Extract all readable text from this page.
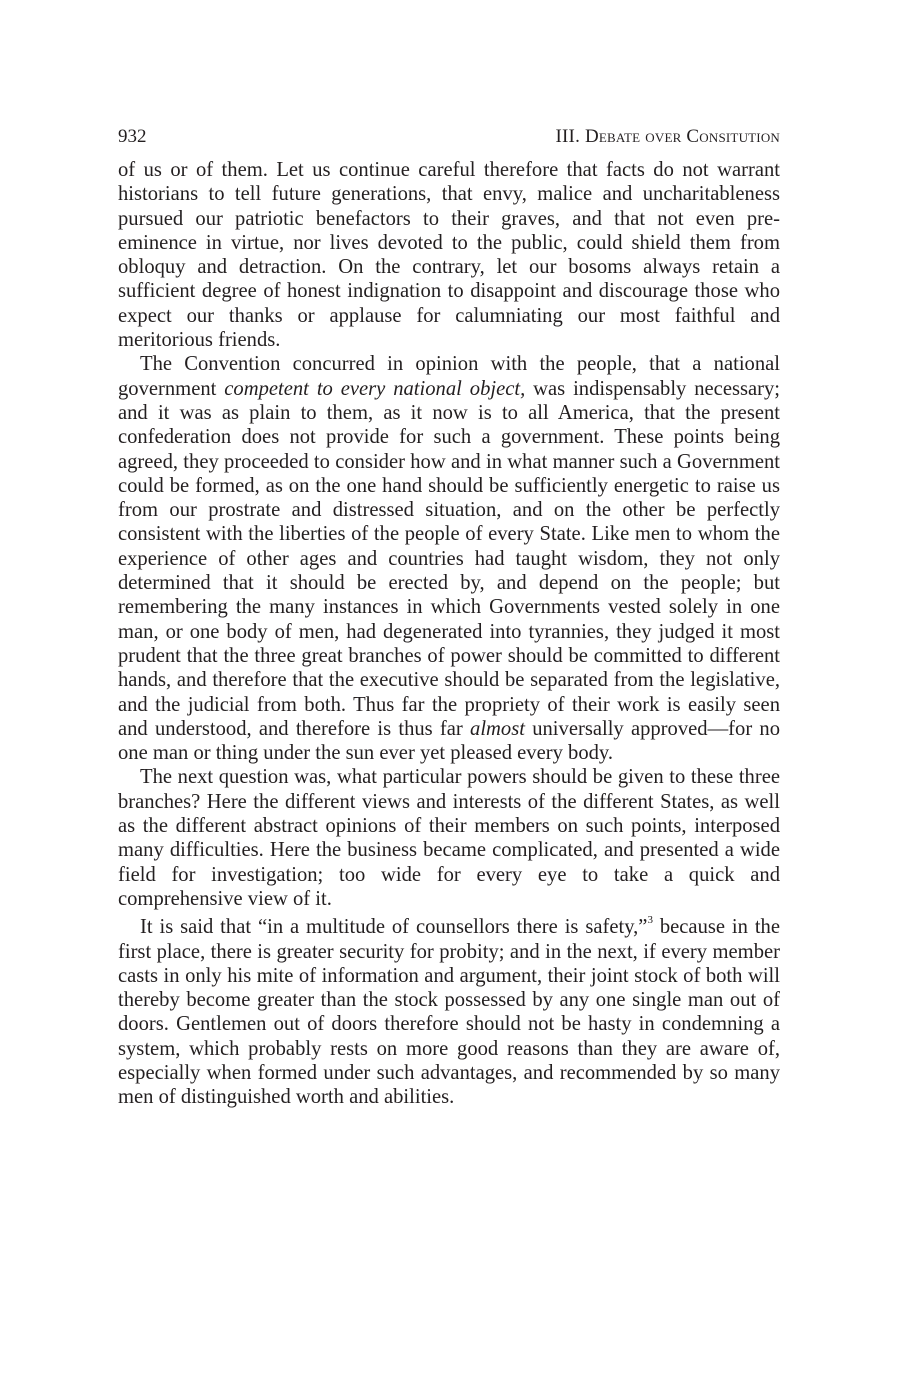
932	III. Debate over Consitution

of us or of them. Let us continue careful therefore that facts do not warrant historians to tell future generations, that envy, malice and uncharitableness pursued our patriotic benefactors to their graves, and that not even pre-eminence in virtue, nor lives devoted to the public, could shield them from obloquy and detraction. On the contrary, let our bosoms always retain a sufficient degree of honest indignation to disappoint and discourage those who expect our thanks or applause for calumniating our most faithful and meritorious friends.

The Convention concurred in opinion with the people, that a national government competent to every national object, was indispensably necessary; and it was as plain to them, as it now is to all America, that the present confederation does not provide for such a government. These points being agreed, they proceeded to consider how and in what manner such a Government could be formed, as on the one hand should be sufficiently energetic to raise us from our prostrate and distressed situation, and on the other be perfectly consistent with the liberties of the people of every State. Like men to whom the experience of other ages and countries had taught wisdom, they not only determined that it should be erected by, and depend on the people; but remembering the many instances in which Governments vested solely in one man, or one body of men, had degenerated into tyrannies, they judged it most prudent that the three great branches of power should be committed to different hands, and therefore that the executive should be separated from the legislative, and the judicial from both. Thus far the propriety of their work is easily seen and understood, and therefore is thus far almost universally approved—for no one man or thing under the sun ever yet pleased every body.

The next question was, what particular powers should be given to these three branches? Here the different views and interests of the different States, as well as the different abstract opinions of their members on such points, interposed many difficulties. Here the business became complicated, and presented a wide field for investigation; too wide for every eye to take a quick and comprehensive view of it.

It is said that “in a multitude of counsellors there is safety,”$^3$ because in the first place, there is greater security for probity; and in the next, if every member casts in only his mite of information and argument, their joint stock of both will thereby become greater than the stock possessed by any one single man out of doors. Gentlemen out of doors therefore should not be hasty in condemning a system, which probably rests on more good reasons than they are aware of, especially when formed under such advantages, and recommended by so many men of distinguished worth and abilities.
